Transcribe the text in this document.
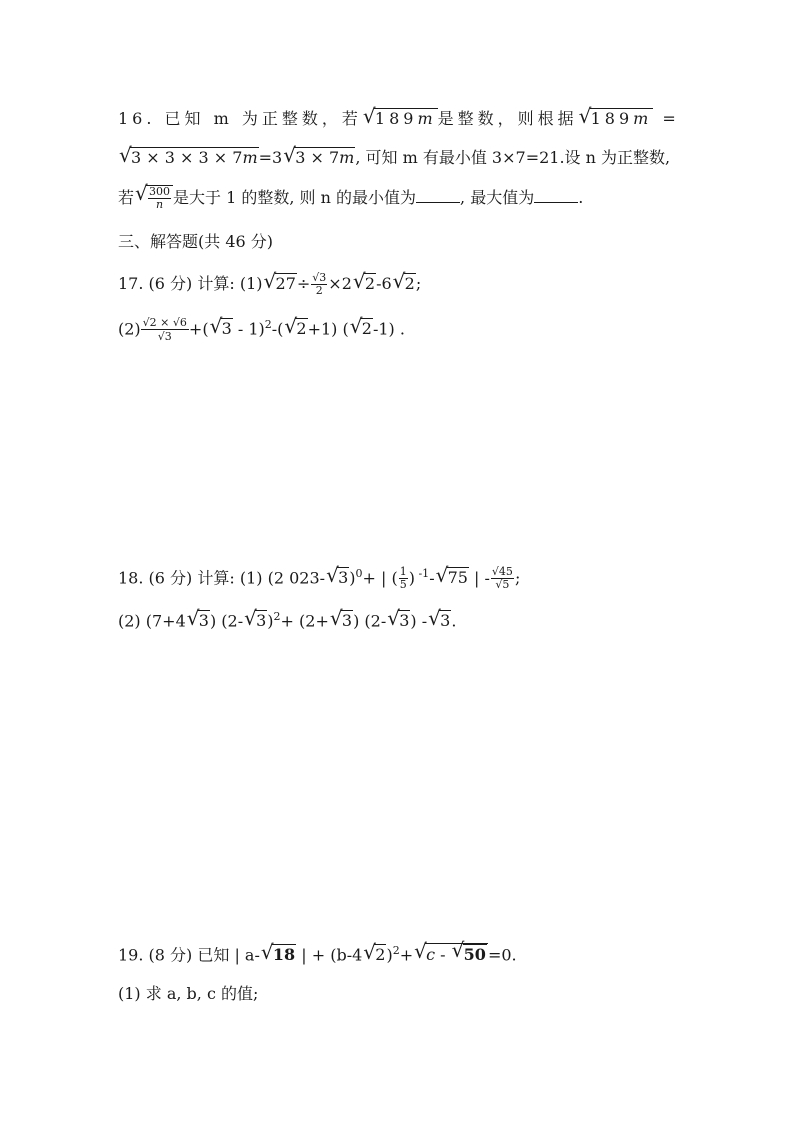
16. 已知 m 为正整数，若√ 189m是整数，则根据√ 189m =
√ 3 × 3 × 3 × 7m=3√ 3 × 7m, 可知 m 有最小值 3×7=21.设 n 为正整数,
若
√ $\frac{300}{n}$ 是大于 1 的整数, 则 n 的最小值为	, 最大值为	.
三、解答题(共 46 分)
17. (6 分) 计算: (1)√ $27\div \frac{√3}{2} \times 2√$ 2-6√ 2;
$(2) \frac{√2 \times √6}{√3}$ +(√ 3 - 1)$^2$-(√ 2+1) (√ 2-1) .
18. (6 分) 计算: (1) (2 023-√ 3)$^0$+ | ( $\frac{1}{5}$ ) $^{-1}$-√ 75 | - $\frac{√45}{√5}$ ;
(2) (7+4√ 3) (2-√ 3)$^2$+ (2+√ 3) (2-√ 3) -√ 3.
19. (8 分) 已知 | a-√ 18 | + (b-4√ 2)$^2$+√ c - √ 50 =0.
(1) 求 a, b, c 的值;
